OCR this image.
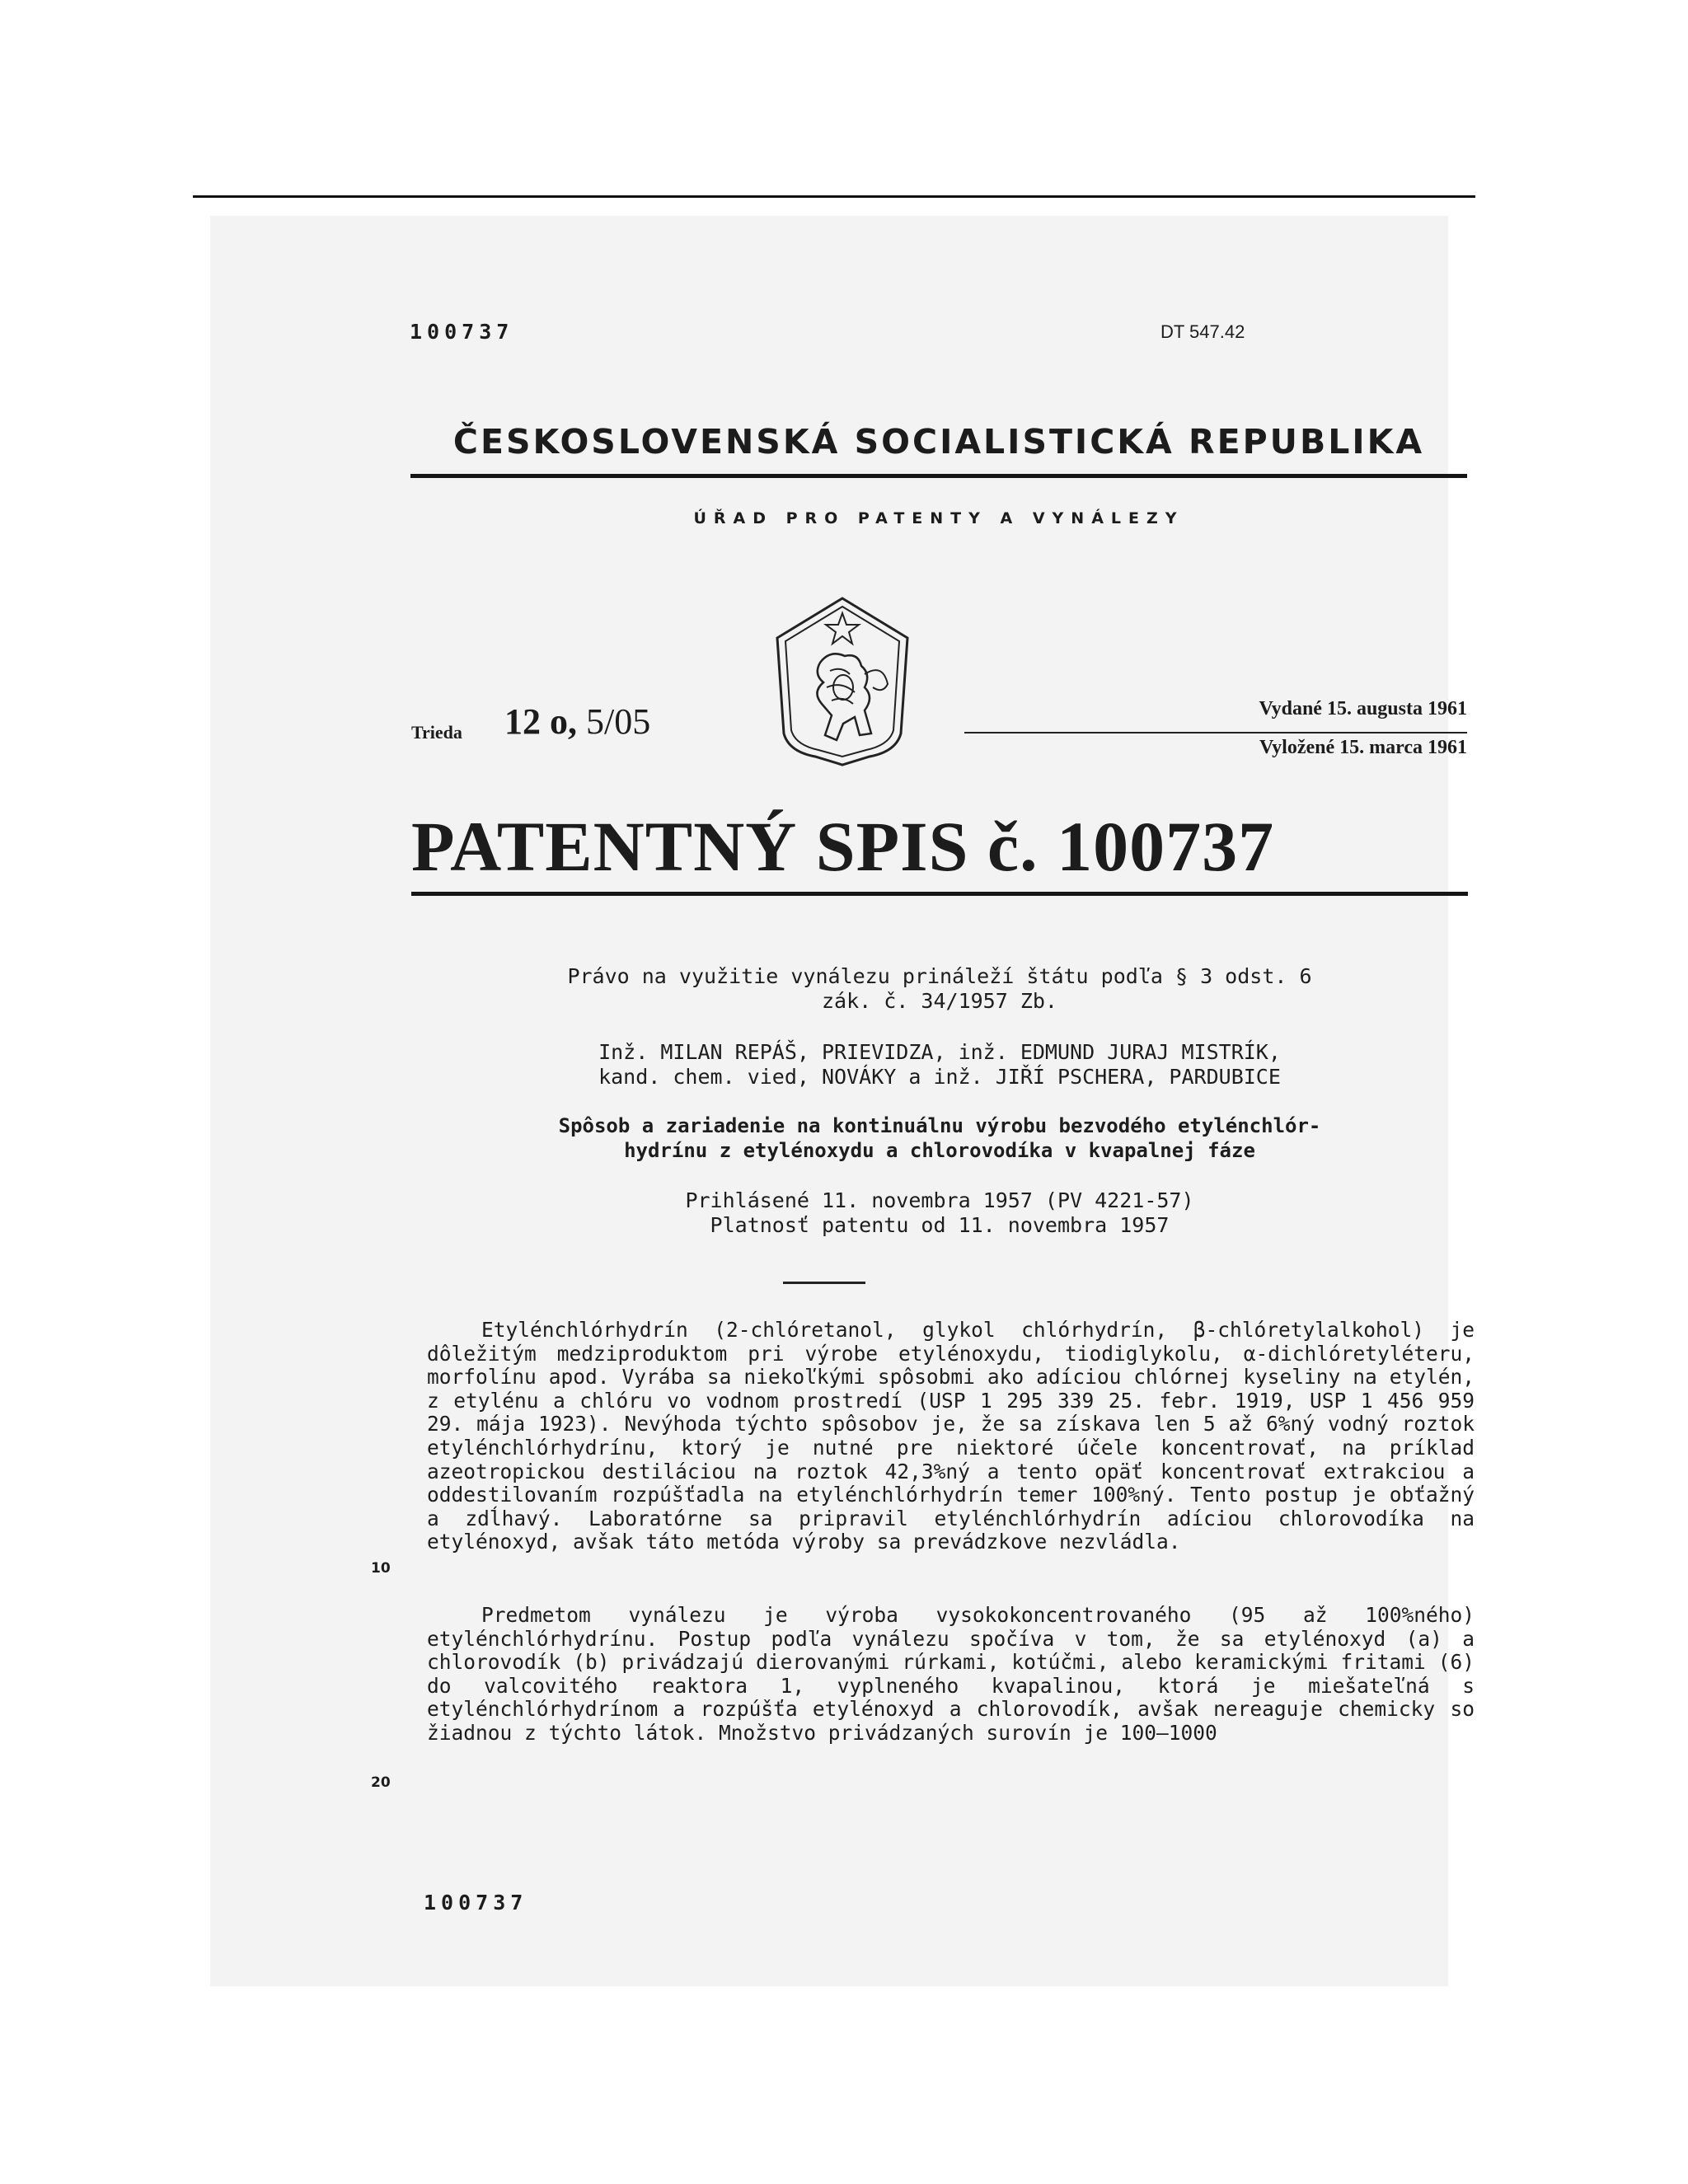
100737	DT 547.42
ČESKOSLOVENSKÁ SOCIALISTICKÁ REPUBLIKA
ÚŘAD PRO PATENTY A VYNÁLEZY
Trieda 12 o, 5/05	Vydané 15. augusta 1961
Vyložené 15. marca 1961
PATENTNÝ SPIS č. 100737
Právo na využitie vynálezu prináleží štátu podľa § 3 odst. 6
zák. č. 34/1957 Zb.
Inž. MILAN REPÁŠ, PRIEVIDZA, inž. EDMUND JURAJ MISTRÍK,
kand. chem. vied, NOVÁKY a inž. JIŘÍ PSCHERA, PARDUBICE
Spôsob a zariadenie na kontinuálnu výrobu bezvodého etylénchlór-
hydrínu z etylénoxydu a chlorovodíka v kvapalnej fáze
Prihlásené 11. novembra 1957 (PV 4221-57)
Platnosť patentu od 11. novembra 1957
Etylénchlórhydrín (2-chlóretanol, glykol chlórhydrín, β-chlóretylalkohol) je dôležitým medziproduktom pri výrobe etylénoxydu, tiodiglykolu, α-dichlóretyléteru, morfolínu apod. Vyrába sa niekoľkými spôsobmi ako adíciou chlórnej kyseliny na etylén, z etylénu a chlóru vo vodnom prostredí (USP 1 295 339 25. febr. 1919, USP 1 456 959 29. mája 1923). Nevýhoda týchto spôsobov je, že sa získava len 5 až 6%ný vodný roztok etylénchlórhydrínu, ktorý je nutné pre niektoré účele koncentrovať, na príklad azeotropickou destiláciou na roztok 42,3%ný a tento opäť koncentrovať extrakciou a oddestilovaním rozpúšťadla na etylénchlórhydrín temer 100%ný. Tento postup je obťažný a zdĺhavý. Laboratórne sa pripravil etylénchlórhydrín adíciou chlorovodíka na etylénoxyd, avšak táto metóda výroby sa prevádzkove nezvládla.
Predmetom vynálezu je výroba vysokokoncentrovaného (95 až 100%ného) etylénchlórhydrínu. Postup podľa vynálezu spočíva v tom, že sa etylénoxyd (a) a chlorovodík (b) privádzajú dierovanými rúrkami, kotúčmi, alebo keramickými fritami (6) do valcovitého reaktora 1, vyplneného kvapalinou, ktorá je miešateľná s etylénchlórhydrínom a rozpúšťa etylénoxyd a chlorovodík, avšak nereaguje chemicky so žiadnou z týchto látok. Množstvo privádzaných surovín je 100—1000
10
20
100737
